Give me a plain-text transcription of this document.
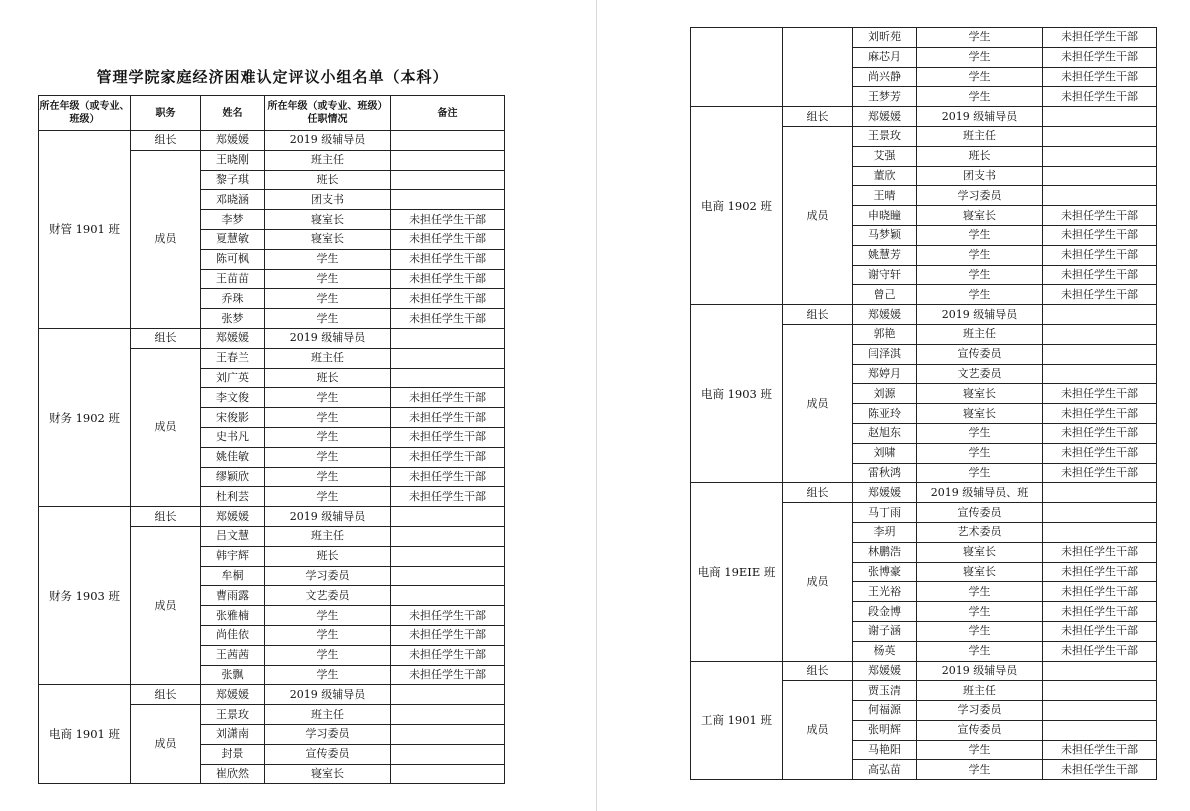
管理学院家庭经济困难认定评议小组名单（本科）
所在年级（或专业、班级）	职务	姓名	所在年级（或专业、班级）任职情况	备注
财管 1901 班	组长	郑媛媛	2019 级辅导员	
	成员	王晓刚	班主任	
		黎子琪	班长	
		邓晓涵	团支书	
		李梦	寝室长	未担任学生干部
		夏慧敏	寝室长	未担任学生干部
		陈可枫	学生	未担任学生干部
		王苗苗	学生	未担任学生干部
		乔珠	学生	未担任学生干部
		张梦	学生	未担任学生干部
财务 1902 班	组长	郑媛媛	2019 级辅导员	
	成员	王春兰	班主任	
		刘广英	班长	
		李文俊	学生	未担任学生干部
		宋俊影	学生	未担任学生干部
		史书凡	学生	未担任学生干部
		姚佳敏	学生	未担任学生干部
		缪颖欣	学生	未担任学生干部
		杜利芸	学生	未担任学生干部
财务 1903 班	组长	郑媛媛	2019 级辅导员	
	成员	吕文慧	班主任	
		韩宇辉	班长	
		牟桐	学习委员	
		曹雨露	文艺委员	
		张雅楠	学生	未担任学生干部
		尚佳依	学生	未担任学生干部
		王茜茜	学生	未担任学生干部
		张飘	学生	未担任学生干部
电商 1901 班	组长	郑媛媛	2019 级辅导员	
	成员	王景玫	班主任	
		刘潇南	学习委员	
		封景	宣传委员	
		崔欣然	寝室长	
		刘昕苑	学生	未担任学生干部
		麻芯月	学生	未担任学生干部
		尚兴静	学生	未担任学生干部
		王梦芳	学生	未担任学生干部
电商 1902 班	组长	郑媛媛	2019 级辅导员	
	成员	王景玫	班主任	
		艾强	班长	
		董欣	团支书	
		王晴	学习委员	
		申晓瞳	寝室长	未担任学生干部
		马梦颖	学生	未担任学生干部
		姚慧芳	学生	未担任学生干部
		谢守轩	学生	未担任学生干部
		曾己	学生	未担任学生干部
电商 1903 班	组长	郑媛媛	2019 级辅导员	
	成员	郭艳	班主任	
		闫泽淇	宣传委员	
		郑婷月	文艺委员	
		刘源	寝室长	未担任学生干部
		陈亚玲	寝室长	未担任学生干部
		赵旭东	学生	未担任学生干部
		刘啸	学生	未担任学生干部
		雷秋鸿	学生	未担任学生干部
电商 19EIE 班	组长	郑媛媛	2019 级辅导员、班	
	成员	马丁雨	宣传委员	
		李玥	艺术委员	
		林鹏浩	寝室长	未担任学生干部
		张博豪	寝室长	未担任学生干部
		王光裕	学生	未担任学生干部
		段金博	学生	未担任学生干部
		谢子涵	学生	未担任学生干部
		杨英	学生	未担任学生干部
工商 1901 班	组长	郑媛媛	2019 级辅导员	
	成员	贾玉清	班主任	
		何福源	学习委员	
		张明辉	宣传委员	
		马艳阳	学生	未担任学生干部
		高弘苗	学生	未担任学生干部
